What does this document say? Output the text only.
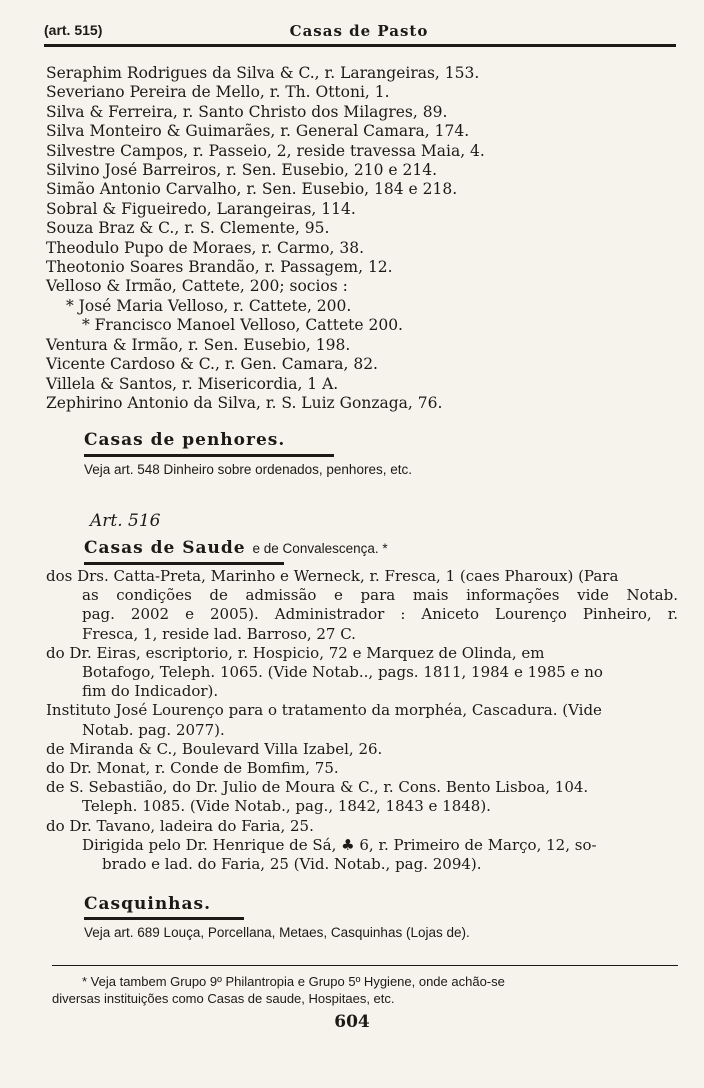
(art. 515)	Casas de Pasto
Seraphim Rodrigues da Silva & C., r. Larangeiras, 153.
Severiano Pereira de Mello, r. Th. Ottoni, 1.
Silva & Ferreira, r. Santo Christo dos Milagres, 89.
Silva Monteiro & Guimarães, r. General Camara, 174.
Silvestre Campos, r. Passeio, 2, reside travessa Maia, 4.
Silvino José Barreiros, r. Sen. Eusebio, 210 e 214.
Simão Antonio Carvalho, r. Sen. Eusebio, 184 e 218.
Sobral & Figueiredo, Larangeiras, 114.
Souza Braz & C., r. S. Clemente, 95.
Theodulo Pupo de Moraes, r. Carmo, 38.
Theotonio Soares Brandão, r. Passagem, 12.
Velloso & Irmão, Cattete, 200; socios :
* José Maria Velloso, r. Cattete, 200.
* Francisco Manoel Velloso, Cattete 200.
Ventura & Irmão, r. Sen. Eusebio, 198.
Vicente Cardoso & C., r. Gen. Camara, 82.
Villela & Santos, r. Misericordia, 1 A.
Zephirino Antonio da Silva, r. S. Luiz Gonzaga, 76.
Casas de penhores.
Veja art. 548 Dinheiro sobre ordenados, penhores, etc.
Art. 516
Casas de Saude e de Convalescença. *
dos Drs. Catta-Preta, Marinho e Werneck, r. Fresca, 1 (caes Pharoux) (Para
as condições de admissão e para mais informações vide Notab.
pag. 2002 e 2005). Administrador : Aniceto Lourenço Pinheiro, r.
Fresca, 1, reside lad. Barroso, 27 C.
do Dr. Eiras, escriptorio, r. Hospicio, 72 e Marquez de Olinda, em
Botafogo, Teleph. 1065. (Vide Notab.., pags. 1811, 1984 e 1985 e no
fim do Indicador).
Instituto José Lourenço para o tratamento da morphéa, Cascadura. (Vide
Notab. pag. 2077).
de Miranda & C., Boulevard Villa Izabel, 26.
do Dr. Monat, r. Conde de Bomfim, 75.
de S. Sebastião, do Dr. Julio de Moura & C., r. Cons. Bento Lisboa, 104.
Teleph. 1085. (Vide Notab., pag., 1842, 1843 e 1848).
do Dr. Tavano, ladeira do Faria, 25.
Dirigida pelo Dr. Henrique de Sá, ♣ 6, r. Primeiro de Março, 12, so-
brado e lad. do Faria, 25 (Vid. Notab., pag. 2094).
Casquinhas.
Veja art. 689 Louça, Porcellana, Metaes, Casquinhas (Lojas de).
* Veja tambem Grupo 9º Philantropia e Grupo 5º Hygiene, onde achão-se
diversas instituições como Casas de saude, Hospitaes, etc.
604
